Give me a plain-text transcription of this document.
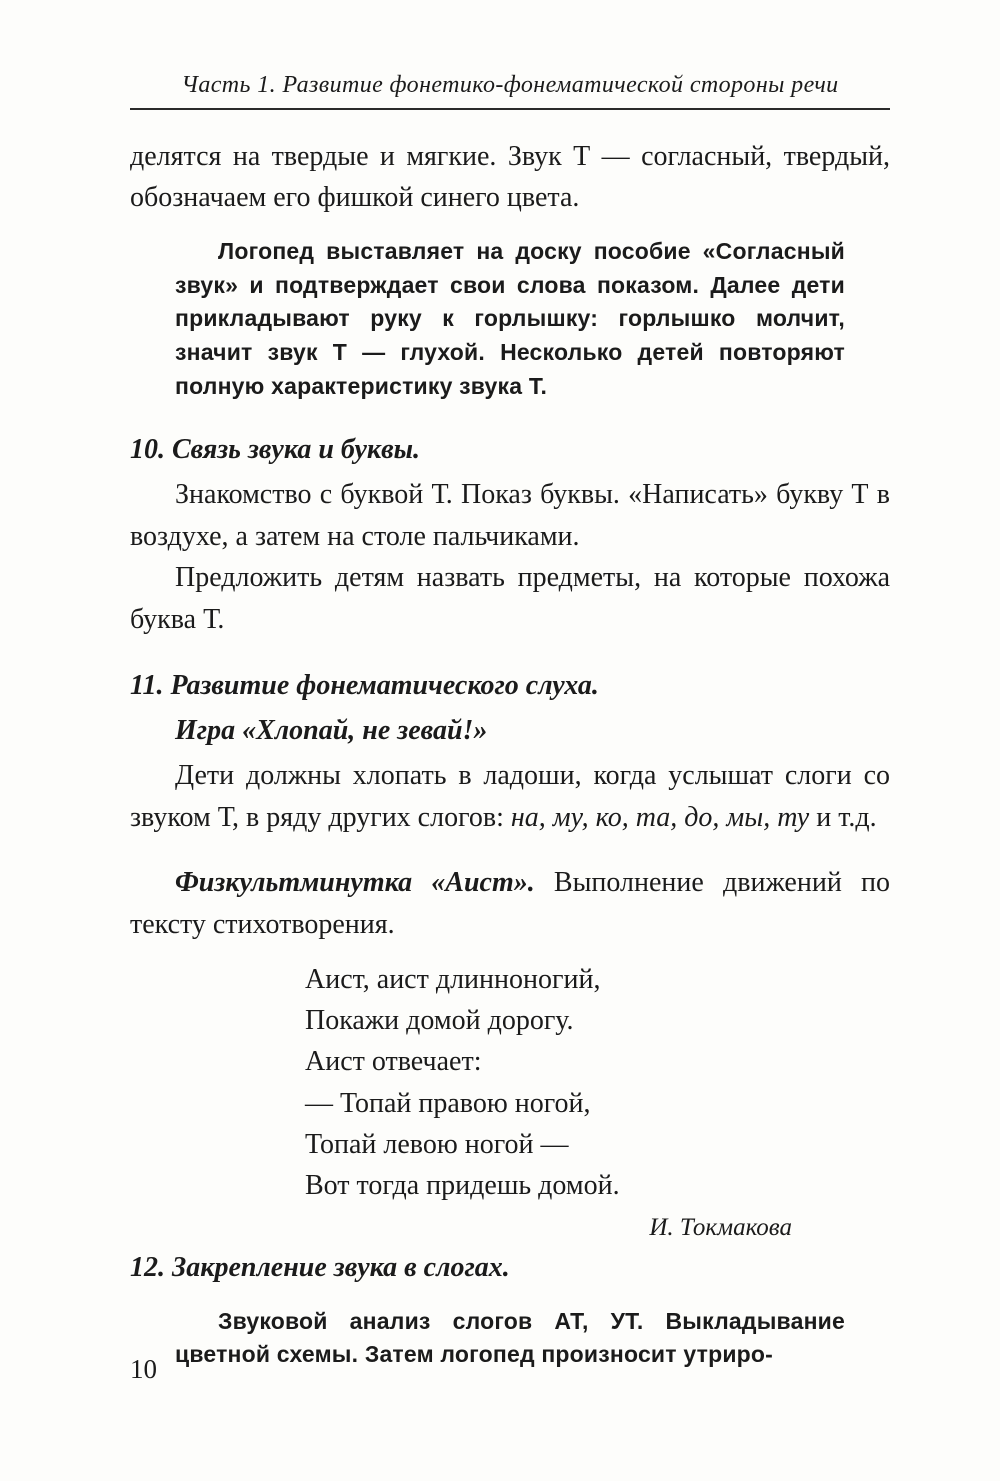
Часть 1. Развитие фонетико-фонематической стороны речи

делятся на твердые и мягкие. Звук Т — согласный, твердый, обозначаем его фишкой синего цвета.

Логопед выставляет на доску пособие «Согласный звук» и подтверждает свои слова показом. Далее дети прикладывают руку к горлышку: горлышко молчит, значит звук Т — глухой. Несколько детей повторяют полную характеристику звука Т.

10. Связь звука и буквы.

Знакомство с буквой Т. Показ буквы. «Написать» букву Т в воздухе, а затем на столе пальчиками.

Предложить детям назвать предметы, на которые похожа буква Т.

11. Развитие фонематического слуха.

Игра «Хлопай, не зевай!»

Дети должны хлопать в ладоши, когда услышат слоги со звуком Т, в ряду других слогов: на, му, ко, та, до, мы, ту и т.д.

Физкультминутка «Аист». Выполнение движений по тексту стихотворения.

Аист, аист длинноногий,
Покажи домой дорогу.
Аист отвечает:
— Топай правою ногой,
Топай левою ногой —
Вот тогда придешь домой.
И. Токмакова

12. Закрепление звука в слогах.

Звуковой анализ слогов АТ, УТ. Выкладывание цветной схемы. Затем логопед произносит утриро-

10
